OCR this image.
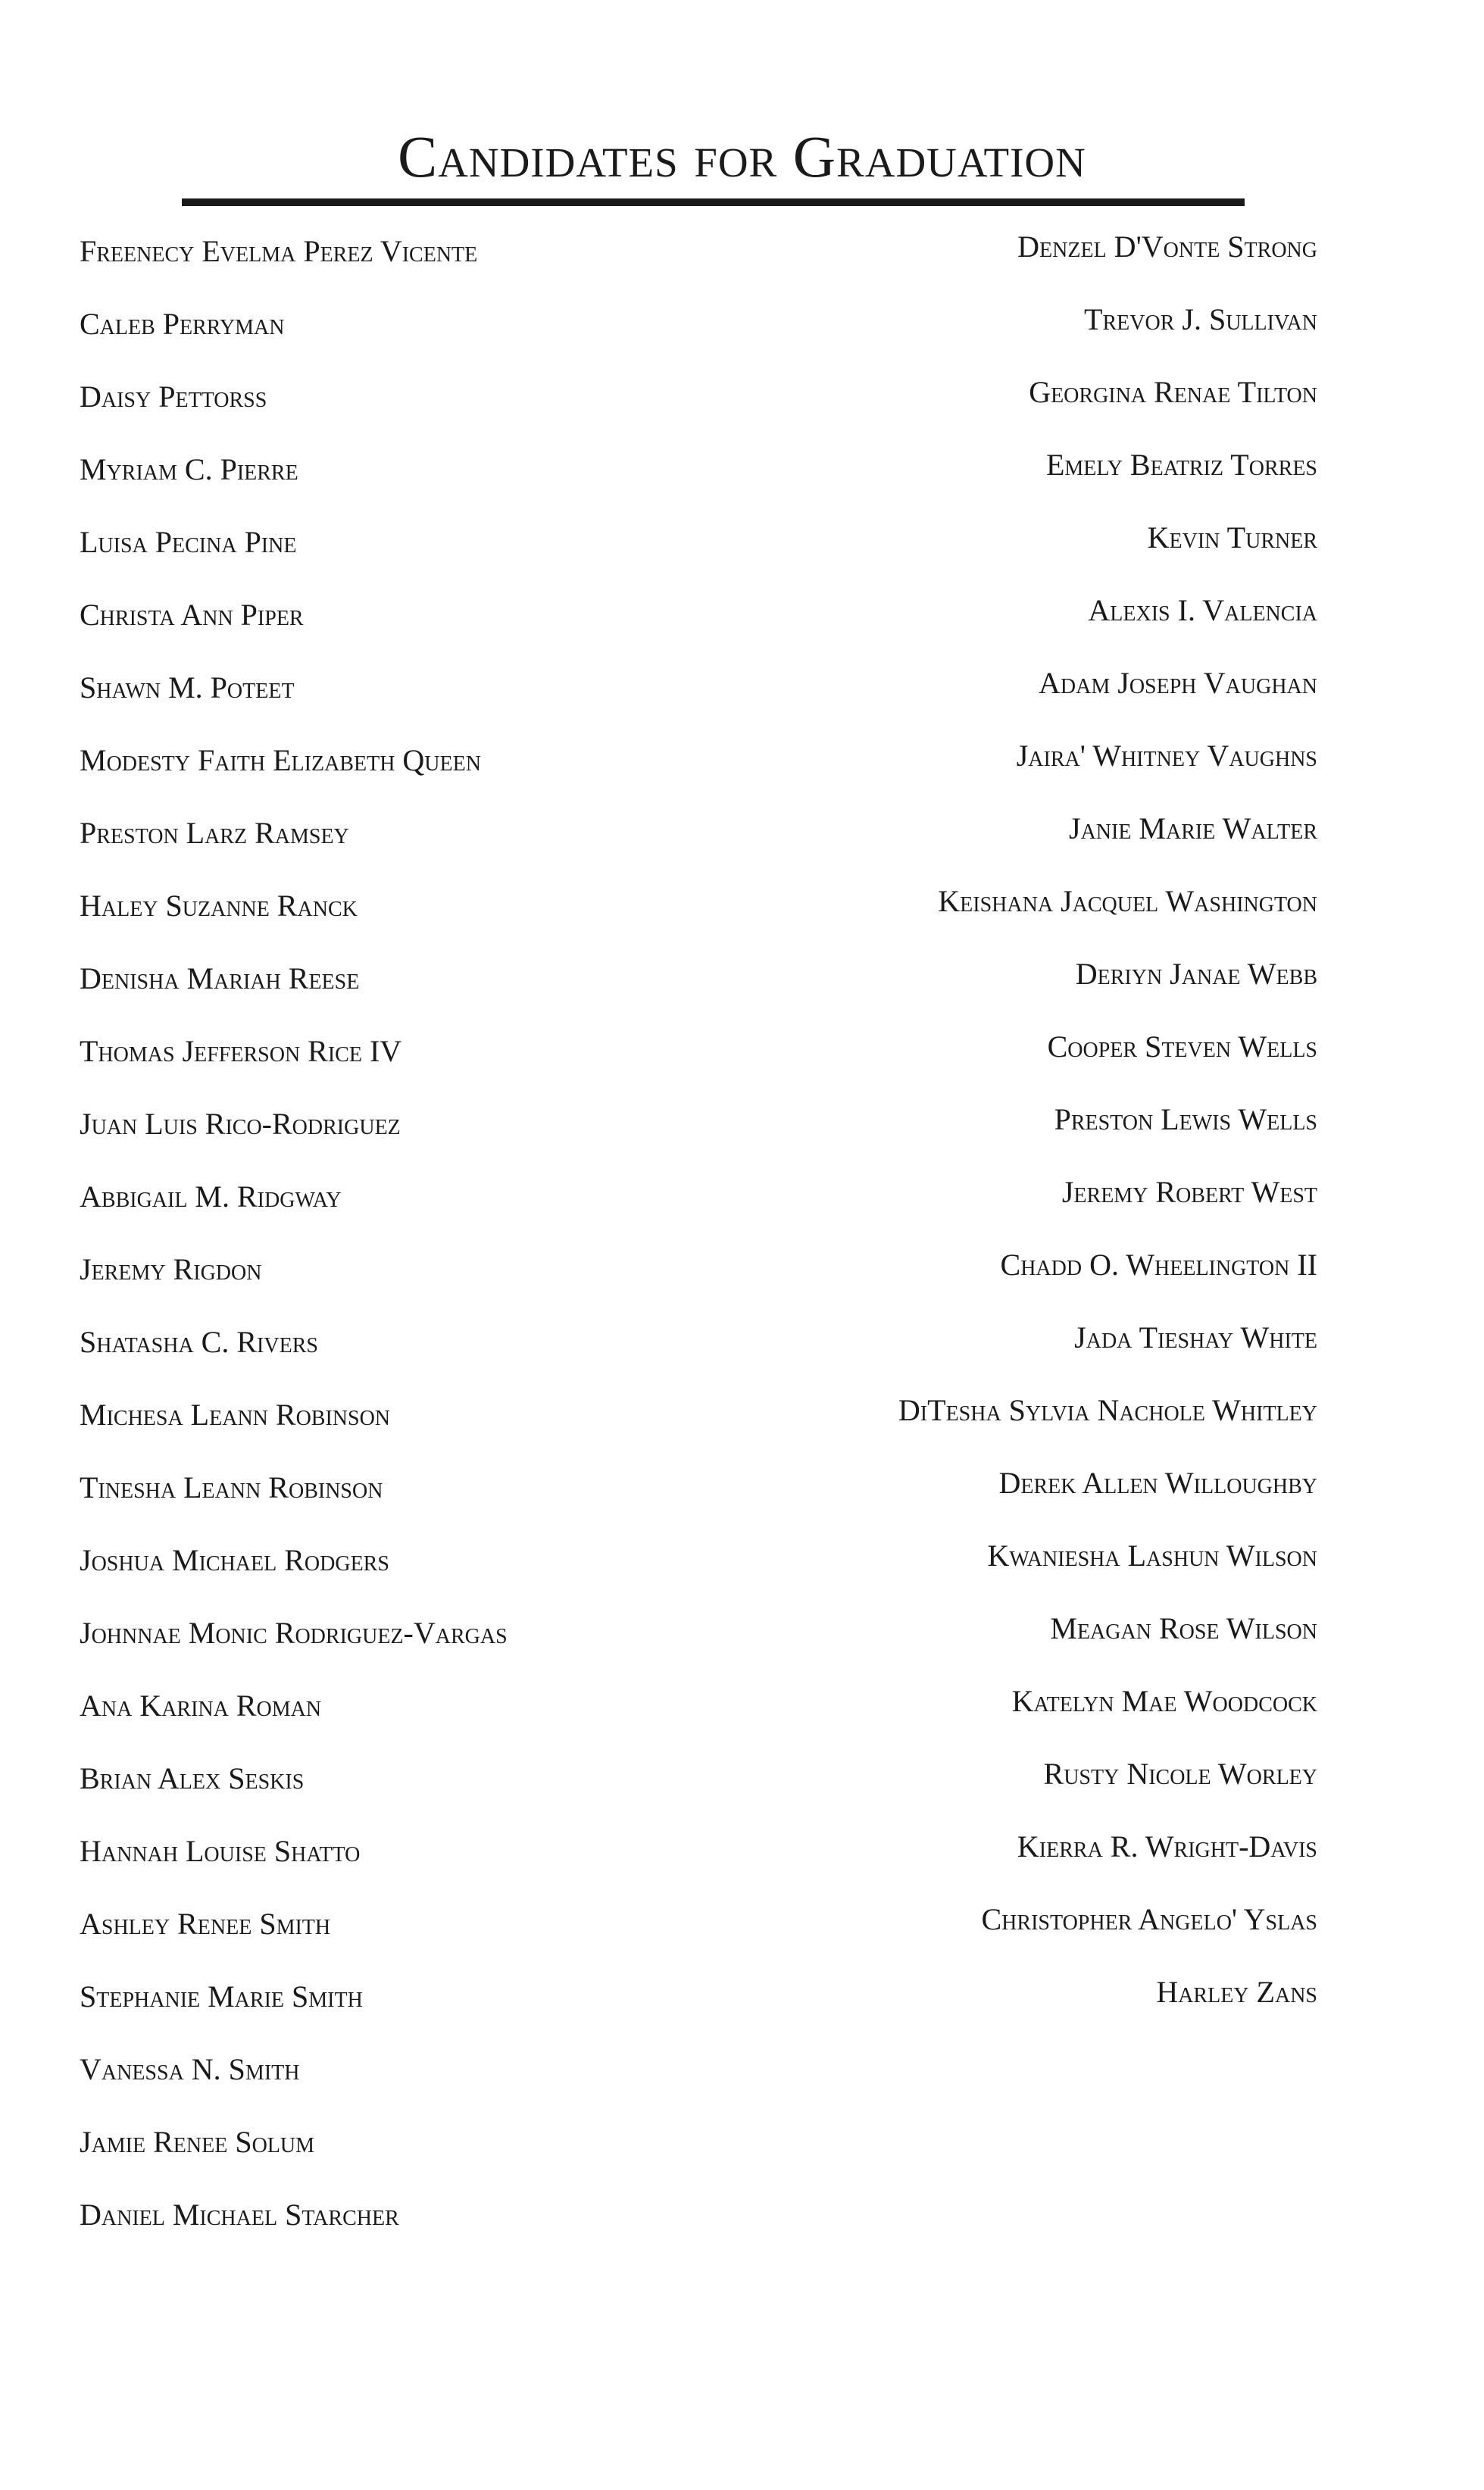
Candidates for Graduation
Freenecy Evelma Perez Vicente
Caleb Perryman
Daisy Pettorss
Myriam C. Pierre
Luisa Pecina Pine
Christa Ann Piper
Shawn M. Poteet
Modesty Faith Elizabeth Queen
Preston Larz Ramsey
Haley Suzanne Ranck
Denisha Mariah Reese
Thomas Jefferson Rice IV
Juan Luis Rico-Rodriguez
Abbigail M. Ridgway
Jeremy Rigdon
Shatasha C. Rivers
Michesa Leann Robinson
Tinesha Leann Robinson
Joshua Michael Rodgers
Johnnae Monic Rodriguez-Vargas
Ana Karina Roman
Brian Alex Seskis
Hannah Louise Shatto
Ashley Renee Smith
Stephanie Marie Smith
Vanessa N. Smith
Jamie Renee Solum
Daniel Michael Starcher
Denzel D'Vonte Strong
Trevor J. Sullivan
Georgina Renae Tilton
Emely Beatriz Torres
Kevin Turner
Alexis I. Valencia
Adam Joseph Vaughan
Jaira' Whitney Vaughns
Janie Marie Walter
Keishana Jacquel Washington
Deriyn Janae Webb
Cooper Steven Wells
Preston Lewis Wells
Jeremy Robert West
Chadd O. Wheelington II
Jada Tieshay White
DiTesha Sylvia Nachole Whitley
Derek Allen Willoughby
Kwaniesha Lashun Wilson
Meagan Rose Wilson
Katelyn Mae Woodcock
Rusty Nicole Worley
Kierra R. Wright-Davis
Christopher Angelo' Yslas
Harley Zans
